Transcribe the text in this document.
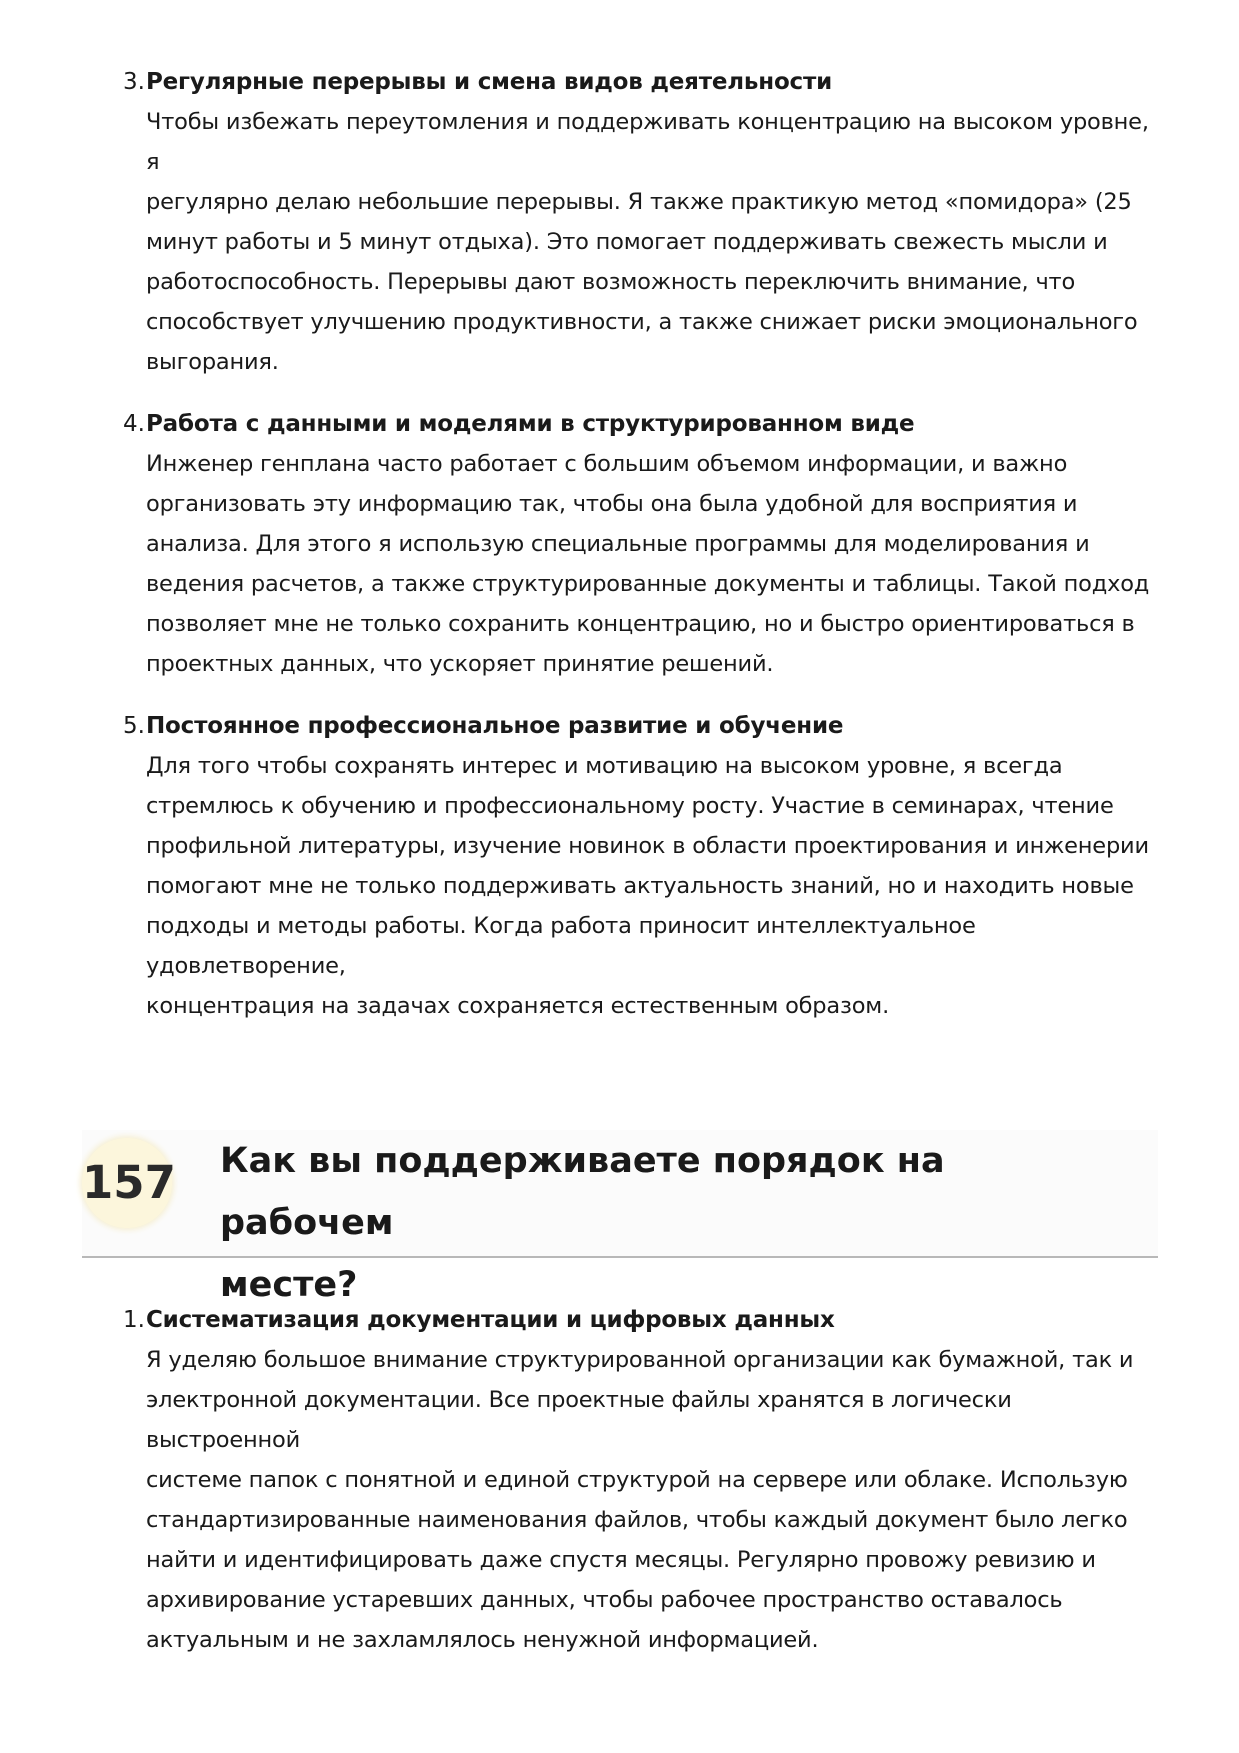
3. Регулярные перерывы и смена видов деятельности
Чтобы избежать переутомления и поддерживать концентрацию на высоком уровне, я
регулярно делаю небольшие перерывы. Я также практикую метод «помидора» (25
минут работы и 5 минут отдыха). Это помогает поддерживать свежесть мысли и
работоспособность. Перерывы дают возможность переключить внимание, что
способствует улучшению продуктивности, а также снижает риски эмоционального
выгорания.
4. Работа с данными и моделями в структурированном виде
Инженер генплана часто работает с большим объемом информации, и важно
организовать эту информацию так, чтобы она была удобной для восприятия и
анализа. Для этого я использую специальные программы для моделирования и
ведения расчетов, а также структурированные документы и таблицы. Такой подход
позволяет мне не только сохранить концентрацию, но и быстро ориентироваться в
проектных данных, что ускоряет принятие решений.
5. Постоянное профессиональное развитие и обучение
Для того чтобы сохранять интерес и мотивацию на высоком уровне, я всегда
стремлюсь к обучению и профессиональному росту. Участие в семинарах, чтение
профильной литературы, изучение новинок в области проектирования и инженерии
помогают мне не только поддерживать актуальность знаний, но и находить новые
подходы и методы работы. Когда работа приносит интеллектуальное удовлетворение,
концентрация на задачах сохраняется естественным образом.
157 Как вы поддерживаете порядок на рабочем
месте?
1. Систематизация документации и цифровых данных
Я уделяю большое внимание структурированной организации как бумажной, так и
электронной документации. Все проектные файлы хранятся в логически выстроенной
системе папок с понятной и единой структурой на сервере или облаке. Использую
стандартизированные наименования файлов, чтобы каждый документ было легко
найти и идентифицировать даже спустя месяцы. Регулярно провожу ревизию и
архивирование устаревших данных, чтобы рабочее пространство оставалось
актуальным и не захламлялось ненужной информацией.
